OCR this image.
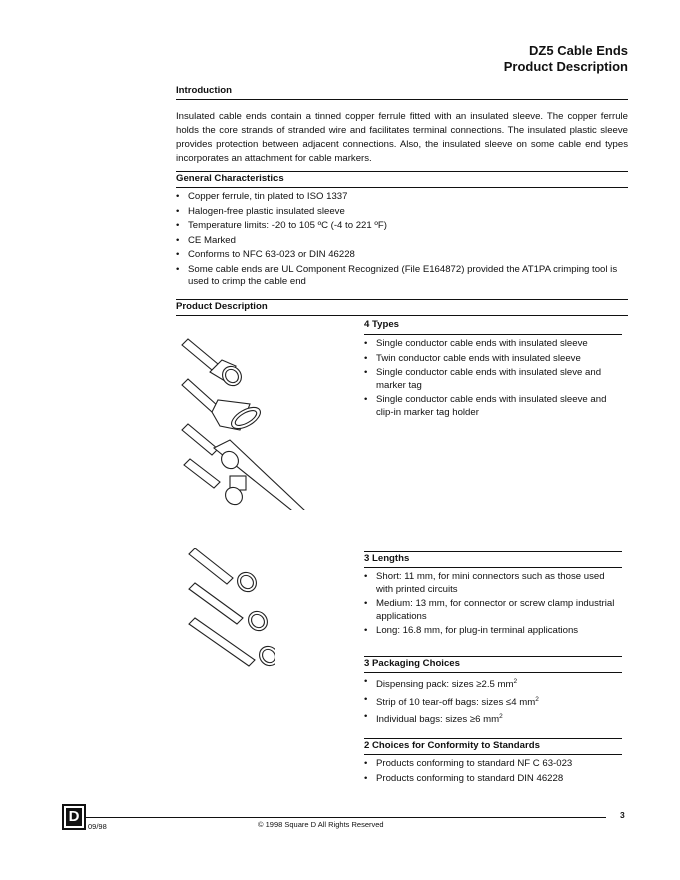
DZ5 Cable Ends
Product Description
Introduction
Insulated cable ends contain a tinned copper ferrule fitted with an insulated sleeve. The copper ferrule holds the core strands of stranded wire and facilitates terminal connections. The insulated plastic sleeve provides protection between adjacent connections. Also, the insulated sleeve on some cable end types incorporates an attachment for cable markers.
General Characteristics
• Copper ferrule, tin plated to ISO 1337
• Halogen-free plastic insulated sleeve
• Temperature limits: -20 to 105 ºC (-4 to 221 ºF)
• CE Marked
• Conforms to NFC 63-023 or DIN 46228
• Some cable ends are UL Component Recognized (File E164872) provided the AT1PA crimping tool is used to crimp the cable end
Product Description
4 Types
• Single conductor cable ends with insulated sleeve
• Twin conductor cable ends with insulated sleeve
• Single conductor cable ends with insulated sleve and marker tag
• Single conductor cable ends with insulated sleeve and clip-in marker tag holder
3 Lengths
• Short: 11 mm, for mini connectors such as those used with printed circuits
• Medium: 13 mm, for connector or screw clamp industrial applications
• Long: 16.8 mm, for plug-in terminal applications
3 Packaging Choices
• Dispensing pack: sizes ≥2.5 $mm^2$
• Strip of 10 tear-off bags: sizes ≤4 $mm^2$
• Individual bags: sizes ≥6 $mm^2$
2 Choices for Conformity to Standards
• Products conforming to standard NF C 63-023
• Products conforming to standard DIN 46228
D
09/98	© 1998 Square D All Rights Reserved
3
